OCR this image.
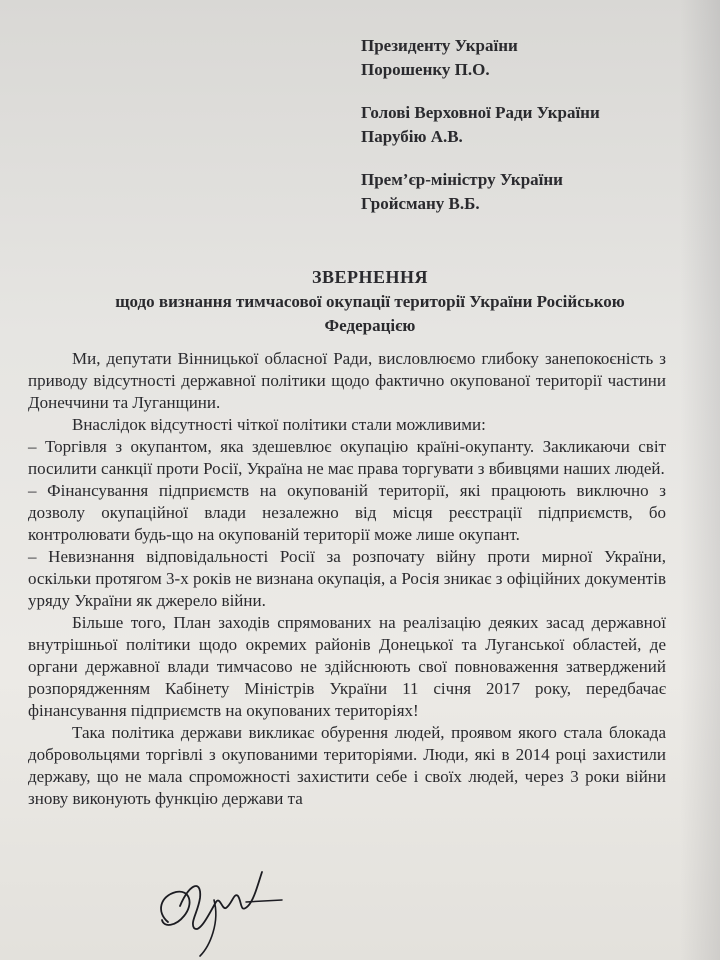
Президенту України
Порошенку П.О.
Голові Верховної Ради України
Парубію А.В.
Прем’єр-міністру України
Гройсману В.Б.
ЗВЕРНЕННЯ
щодо визнання тимчасової окупації території України Російською Федерацією

Ми, депутати Вінницької обласної Ради, висловлюємо глибоку занепокоєність з приводу відсутності державної політики щодо фактично окупованої території частини Донеччини та Луганщини.

Внаслідок відсутності чіткої політики стали можливими:

– Торгівля з окупантом, яка здешевлює окупацію країні-окупанту. Закликаючи світ посилити санкції проти Росії, Україна не має права торгувати з вбивцями наших людей.

– Фінансування підприємств на окупованій території, які працюють виключно з дозволу окупаційної влади незалежно від місця реєстрації підприємств, бо контролювати будь-що на окупованій території може лише окупант.

– Невизнання відповідальності Росії за розпочату війну проти мирної України, оскільки протягом 3-х років не визнана окупація, а Росія зникає з офіційних документів уряду України як джерело війни.

Більше того, План заходів спрямованих на реалізацію деяких засад державної внутрішньої політики щодо окремих районів Донецької та Луганської областей, де органи державної влади тимчасово не здійснюють свої повноваження затверджений розпорядженням Кабінету Міністрів України 11 січня 2017 року, передбачає фінансування підприємств на окупованих територіях!

Така політика держави викликає обурення людей, проявом якого стала блокада добровольцями торгівлі з окупованими територіями. Люди, які в 2014 році захистили державу, що не мала спроможності захистити себе і своїх людей, через 3 роки війни знову виконують функцію держави та
